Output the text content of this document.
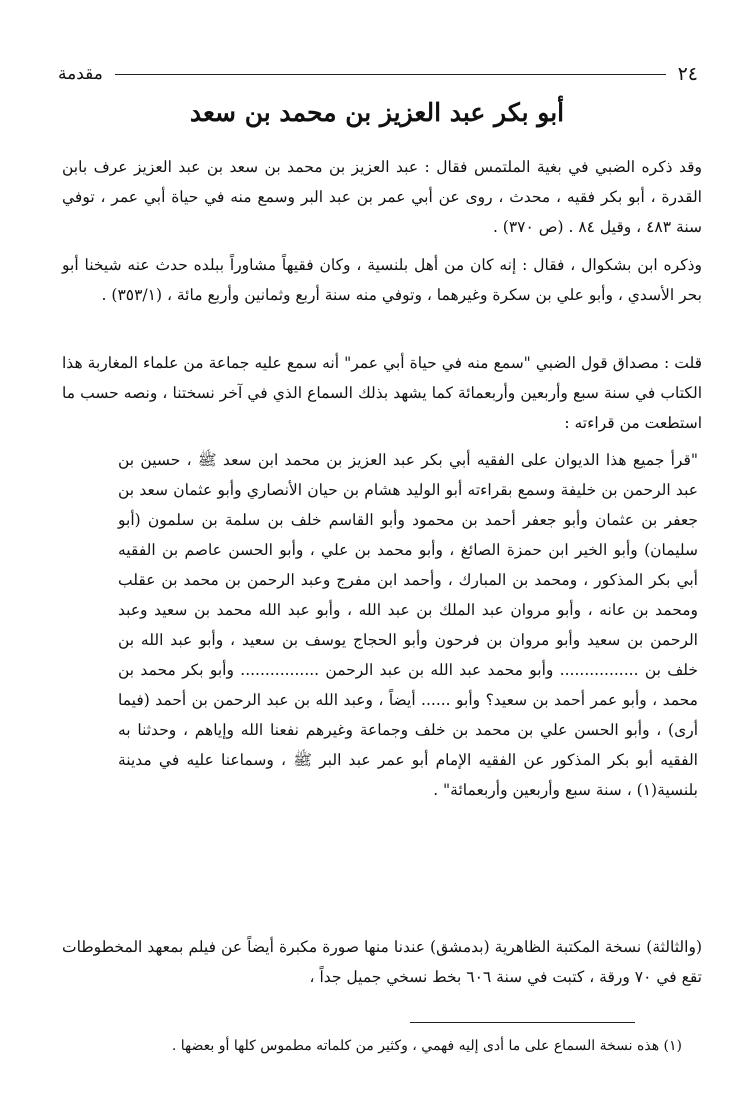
٢٤
مقدمة
أبو بكر عبد العزيز بن محمد بن سعد
وقد ذكره الضبي في بغية الملتمس فقال : عبد العزيز بن محمد بن سعد بن عبد العزيز عرف بابن القدرة ، أبو بكر فقيه ، محدث ، روى عن أبي عمر بن عبد البر وسمع منه في حياة أبي عمر ، توفي سنة ٤٨٣ ، وقيل ٨٤ . (ص ٣٧٠) .
وذكره ابن بشكوال ، فقال : إنه كان من أهل بلنسية ، وكان فقيهاً مشاوراً ببلده حدث عنه شيخنا أبو بحر الأسدي ، وأبو علي بن سكرة وغيرهما ، وتوفي منه سنة أربع وثمانين وأربع مائة ، (٣٥٣/١) .
قلت : مصداق قول الضبي "سمع منه في حياة أبي عمر" أنه سمع عليه جماعة من علماء المغاربة هذا الكتاب في سنة سبع وأربعين وأربعمائة كما يشهد بذلك السماع الذي في آخر نسختنا ، ونصه حسب ما استطعت من قراءته :
"قرأ جميع هذا الديوان على الفقيه أبي بكر عبد العزيز بن محمد ابن سعد ﷺ ، حسين بن عبد الرحمن بن خليفة وسمع بقراءته أبو الوليد هشام بن حيان الأنصاري وأبو عثمان سعد بن جعفر بن عثمان وأبو جعفر أحمد بن محمود وأبو القاسم خلف بن سلمة بن سلمون (أبو سليمان) وأبو الخير ابن حمزة الصائغ ، وأبو محمد بن علي ، وأبو الحسن عاصم بن الفقيه أبي بكر المذكور ، ومحمد بن المبارك ، وأحمد ابن مفرج وعبد الرحمن بن محمد بن عقلب ومحمد بن عانه ، وأبو مروان عبد الملك بن عبد الله ، وأبو عبد الله محمد بن سعيد وعبد الرحمن بن سعيد وأبو مروان بن فرحون وأبو الحجاج يوسف بن سعيد ، وأبو عبد الله بن خلف بن ................ وأبو محمد عبد الله بن عبد الرحمن ................ وأبو بكر محمد بن محمد ، وأبو عمر أحمد بن سعيد؟ وأبو ...... أيضاً ، وعبد الله بن عبد الرحمن بن أحمد (فيما أرى) ، وأبو الحسن علي بن محمد بن خلف وجماعة وغيرهم نفعنا الله وإياهم ، وحدثنا به الفقيه أبو بكر المذكور عن الفقيه الإمام أبو عمر عبد البر ﷺ ، وسماعنا عليه في مدينة بلنسية(١) ، سنة سبع وأربعين وأربعمائة" .
(والثالثة) نسخة المكتبة الظاهرية (بدمشق) عندنا منها صورة مكبرة أيضاً عن فيلم بمعهد المخطوطات تقع في ٧٠ ورقة ، كتبت في سنة ٦٠٦ بخط نسخي جميل جداً ،
(١) هذه نسخة السماع على ما أدى إليه فهمي ، وكثير من كلماته مطموس كلها أو بعضها .
